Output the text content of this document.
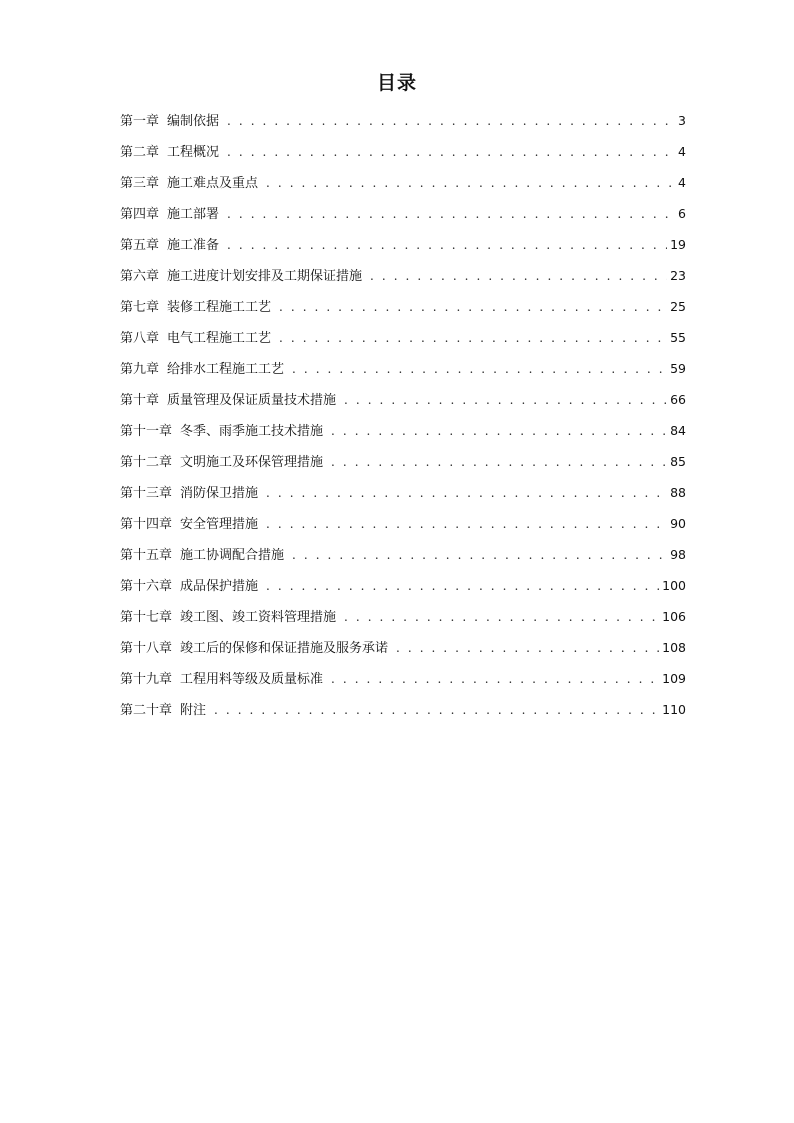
目录
第一章 编制依据 . . .	3
第二章 工程概况 . . .	4
第三章 施工难点及重点 . . .	4
第四章 施工部署 . . .	6
第五章 施工准备 . . .	19
第六章 施工进度计划安排及工期保证措施 . . .	23
第七章 装修工程施工工艺 . . .	25
第八章 电气工程施工工艺 . . .	55
第九章 给排水工程施工工艺 . . .	59
第十章 质量管理及保证质量技术措施 . . .	66
第十一章 冬季、雨季施工技术措施 . . .	84
第十二章 文明施工及环保管理措施 . . .	85
第十三章 消防保卫措施 . . .	88
第十四章 安全管理措施 . . .	90
第十五章 施工协调配合措施 . . .	98
第十六章 成品保护措施 . . .	100
第十七章 竣工图、竣工资料管理措施 . . .	106
第十八章 竣工后的保修和保证措施及服务承诺 . . .	108
第十九章 工程用料等级及质量标准 . . .	109
第二十章 附注 . . .	110
